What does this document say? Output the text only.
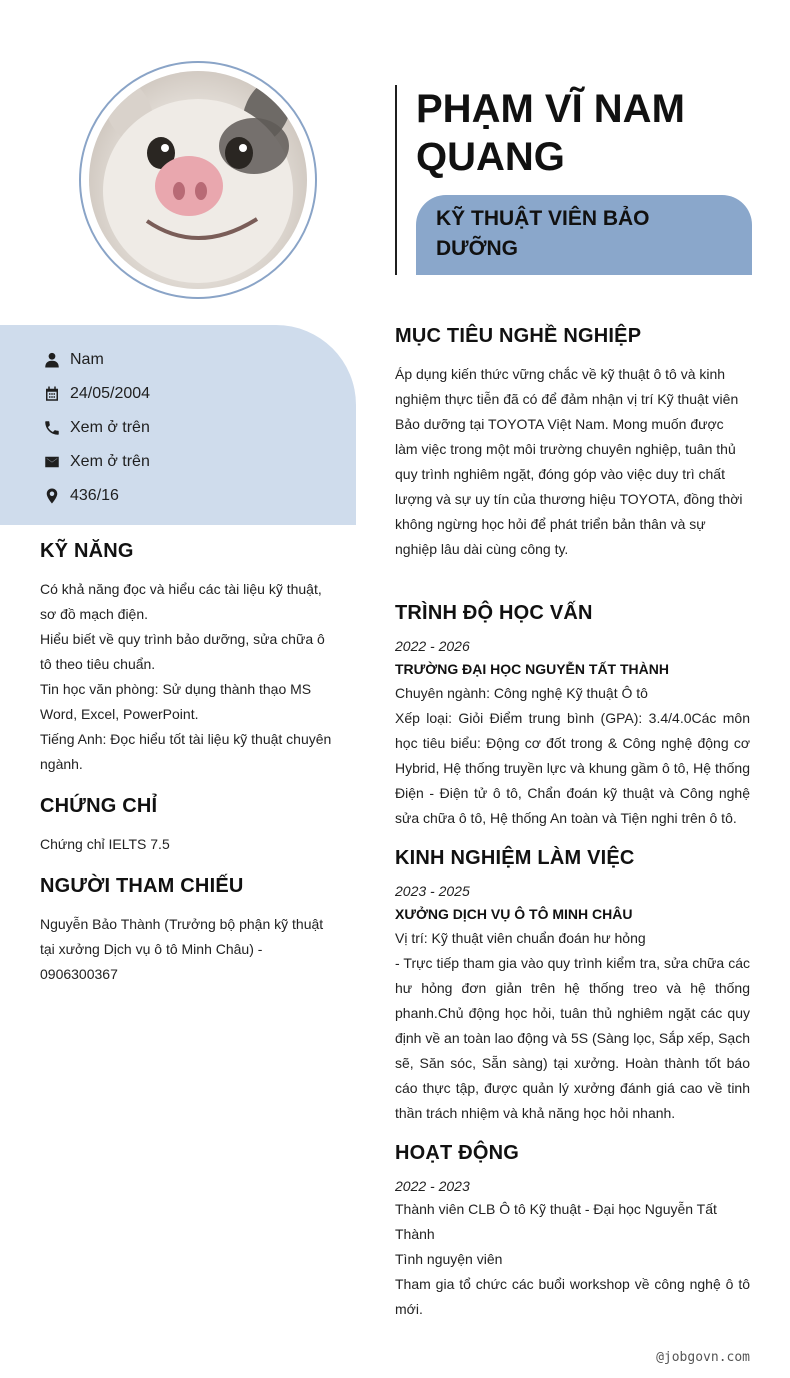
Nam
24/05/2004
Xem ở trên
Xem ở trên
436/16
KỸ NĂNG

Có khả năng đọc và hiểu các tài liệu kỹ thuật, sơ đồ mạch điện.

Hiểu biết về quy trình bảo dưỡng, sửa chữa ô tô theo tiêu chuẩn.

Tin học văn phòng: Sử dụng thành thạo MS Word, Excel, PowerPoint.

Tiếng Anh: Đọc hiểu tốt tài liệu kỹ thuật chuyên ngành.

CHỨNG CHỈ

Chứng chỉ IELTS 7.5

NGƯỜI THAM CHIẾU

Nguyễn Bảo Thành (Trưởng bộ phận kỹ thuật tại xưởng Dịch vụ ô tô Minh Châu) - 0906300367

PHẠM VĨ NAM QUANG
KỸ THUẬT VIÊN BẢO DƯỠNG
MỤC TIÊU NGHỀ NGHIỆP

Áp dụng kiến thức vững chắc về kỹ thuật ô tô và kinh nghiệm thực tiễn đã có để đảm nhận vị trí Kỹ thuật viên Bảo dưỡng tại TOYOTA Việt Nam. Mong muốn được làm việc trong một môi trường chuyên nghiệp, tuân thủ quy trình nghiêm ngặt, đóng góp vào việc duy trì chất lượng và sự uy tín của thương hiệu TOYOTA, đồng thời không ngừng học hỏi để phát triển bản thân và sự nghiệp lâu dài cùng công ty.

TRÌNH ĐỘ HỌC VẤN

2022 - 2026

TRƯỜNG ĐẠI HỌC NGUYỄN TẤT THÀNH

Chuyên ngành: Công nghệ Kỹ thuật Ô tô

Xếp loại: Giỏi Điểm trung bình (GPA): 3.4/4.0Các môn học tiêu biểu: Động cơ đốt trong & Công nghệ động cơ Hybrid, Hệ thống truyền lực và khung gầm ô tô, Hệ thống Điện - Điện tử ô tô, Chẩn đoán kỹ thuật và Công nghệ sửa chữa ô tô, Hệ thống An toàn và Tiện nghi trên ô tô.

KINH NGHIỆM LÀM VIỆC

2023 - 2025

XƯỞNG DỊCH VỤ Ô TÔ MINH CHÂU

Vị trí: Kỹ thuật viên chuẩn đoán hư hỏng

- Trực tiếp tham gia vào quy trình kiểm tra, sửa chữa các hư hỏng đơn giản trên hệ thống treo và hệ thống phanh.Chủ động học hỏi, tuân thủ nghiêm ngặt các quy định về an toàn lao động và 5S (Sàng lọc, Sắp xếp, Sạch sẽ, Săn sóc, Sẵn sàng) tại xưởng. Hoàn thành tốt báo cáo thực tập, được quản lý xưởng đánh giá cao về tinh thần trách nhiệm và khả năng học hỏi nhanh.

HOẠT ĐỘNG

2022 - 2023

Thành viên CLB Ô tô Kỹ thuật - Đại học Nguyễn Tất Thành

Tình nguyện viên

Tham gia tổ chức các buổi workshop về công nghệ ô tô mới.

@jobgovn.com
